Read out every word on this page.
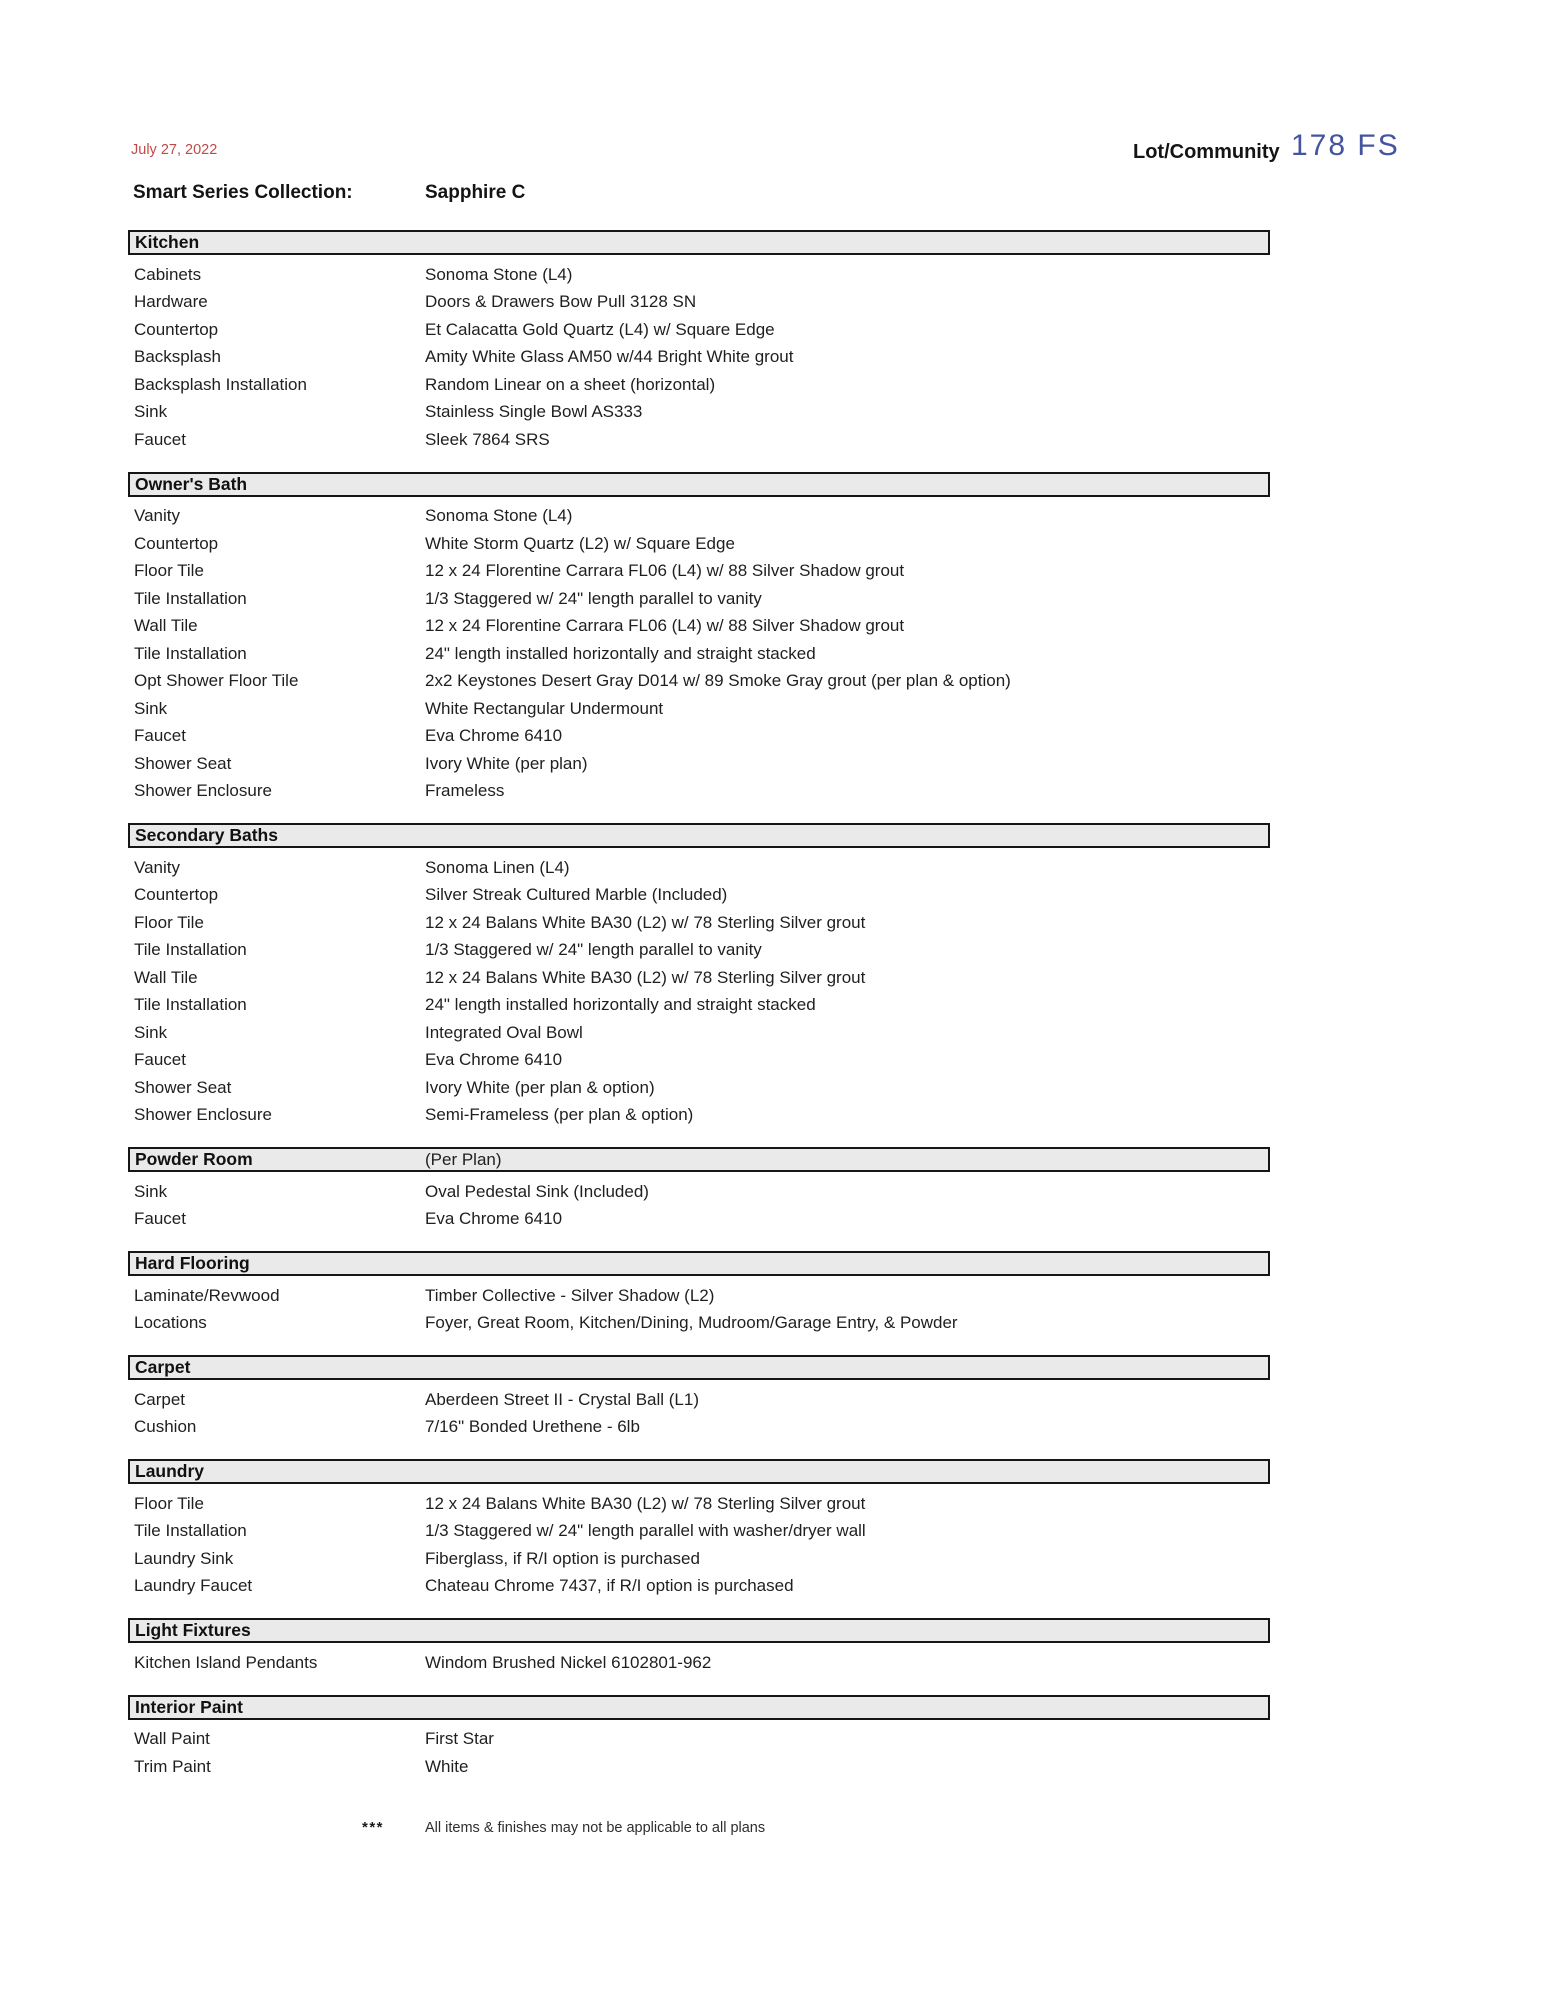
July 27, 2022	Lot/Community 178 FS
Smart Series Collection:	Sapphire C
Kitchen
Cabinets	Sonoma Stone (L4)
Hardware	Doors & Drawers Bow Pull 3128 SN
Countertop	Et Calacatta Gold Quartz (L4) w/ Square Edge
Backsplash	Amity White Glass AM50 w/44 Bright White grout
Backsplash Installation	Random Linear on a sheet (horizontal)
Sink	Stainless Single Bowl AS333
Faucet	Sleek 7864 SRS
Owner's Bath
Vanity	Sonoma Stone (L4)
Countertop	White Storm Quartz (L2) w/ Square Edge
Floor Tile	12 x 24 Florentine Carrara FL06 (L4) w/ 88 Silver Shadow grout
Tile Installation	1/3 Staggered w/ 24" length parallel to vanity
Wall Tile	12 x 24 Florentine Carrara FL06 (L4) w/ 88 Silver Shadow grout
Tile Installation	24" length installed horizontally and straight stacked
Opt Shower Floor Tile	2x2 Keystones Desert Gray D014 w/ 89 Smoke Gray grout (per plan & option)
Sink	White Rectangular Undermount
Faucet	Eva Chrome 6410
Shower Seat	Ivory White (per plan)
Shower Enclosure	Frameless
Secondary Baths
Vanity	Sonoma Linen (L4)
Countertop	Silver Streak Cultured Marble (Included)
Floor Tile	12 x 24 Balans White BA30 (L2) w/ 78 Sterling Silver grout
Tile Installation	1/3 Staggered w/ 24" length parallel to vanity
Wall Tile	12 x 24 Balans White BA30 (L2) w/ 78 Sterling Silver grout
Tile Installation	24" length installed horizontally and straight stacked
Sink	Integrated Oval Bowl
Faucet	Eva Chrome 6410
Shower Seat	Ivory White (per plan & option)
Shower Enclosure	Semi-Frameless (per plan & option)
Powder Room	(Per Plan)
Sink	Oval Pedestal Sink (Included)
Faucet	Eva Chrome 6410
Hard Flooring
Laminate/Revwood	Timber Collective - Silver Shadow (L2)
Locations	Foyer, Great Room, Kitchen/Dining, Mudroom/Garage Entry, & Powder
Carpet
Carpet	Aberdeen Street II - Crystal Ball (L1)
Cushion	7/16" Bonded Urethene - 6lb
Laundry
Floor Tile	12 x 24 Balans White BA30 (L2) w/ 78 Sterling Silver grout
Tile Installation	1/3 Staggered w/ 24" length parallel with washer/dryer wall
Laundry Sink	Fiberglass, if R/I option is purchased
Laundry Faucet	Chateau Chrome 7437, if R/I option is purchased
Light Fixtures
Kitchen Island Pendants	Windom Brushed Nickel 6102801-962
Interior Paint
Wall Paint	First Star
Trim Paint	White
***	All items & finishes may not be applicable to all plans
